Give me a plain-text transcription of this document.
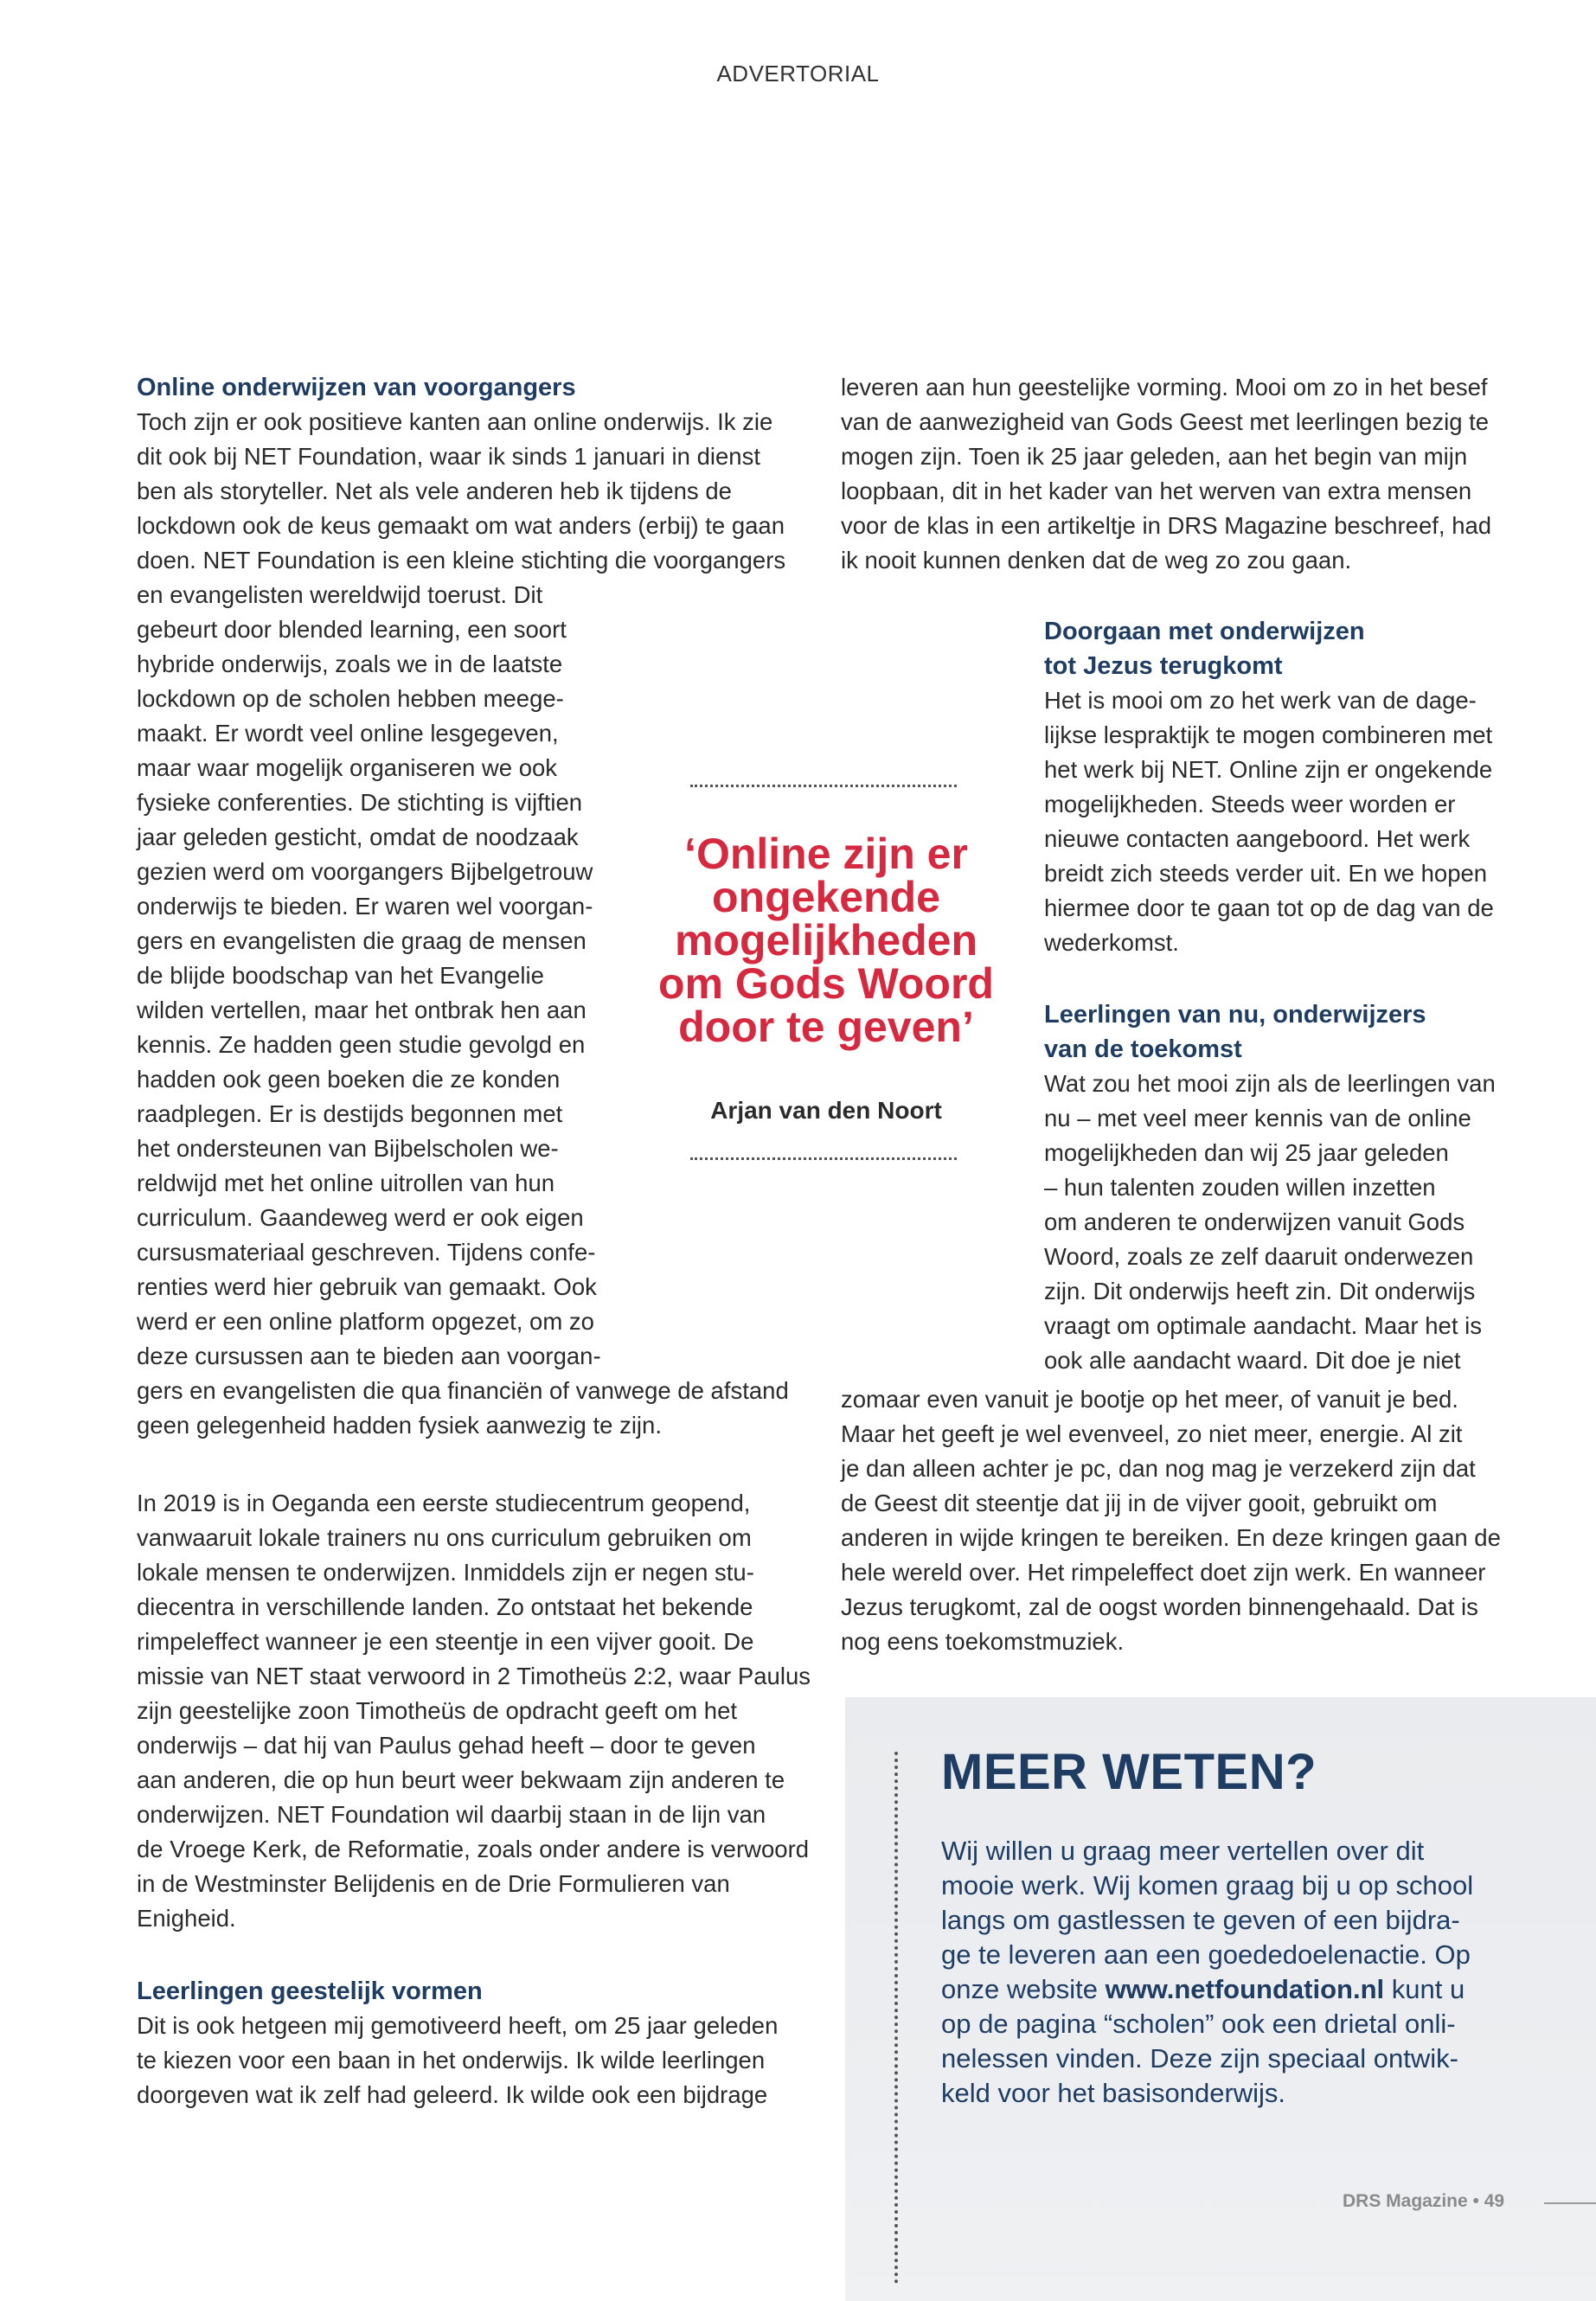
ADVERTORIAL
Online onderwijzen van voorgangers
Toch zijn er ook positieve kanten aan online onderwijs. Ik zie
dit ook bij NET Foundation, waar ik sinds 1 januari in dienst
ben als storyteller. Net als vele anderen heb ik tijdens de
lockdown ook de keus gemaakt om wat anders (erbij) te gaan
doen. NET Foundation is een kleine stichting die voorgangers
en evangelisten wereldwijd toerust. Dit
gebeurt door blended learning, een soort
hybride onderwijs, zoals we in de laatste
lockdown op de scholen hebben meege-
maakt. Er wordt veel online lesgegeven,
maar waar mogelijk organiseren we ook
fysieke conferenties. De stichting is vijftien
jaar geleden gesticht, omdat de noodzaak
gezien werd om voorgangers Bijbelgetrouw
onderwijs te bieden. Er waren wel voorgan-
gers en evangelisten die graag de mensen
de blijde boodschap van het Evangelie
wilden vertellen, maar het ontbrak hen aan
kennis. Ze hadden geen studie gevolgd en
hadden ook geen boeken die ze konden
raadplegen. Er is destijds begonnen met
het ondersteunen van Bijbelscholen we-
reldwijd met het online uitrollen van hun
curriculum. Gaandeweg werd er ook eigen
cursusmateriaal geschreven. Tijdens confe-
renties werd hier gebruik van gemaakt. Ook
werd er een online platform opgezet, om zo
deze cursussen aan te bieden aan voorgan-
gers en evangelisten die qua financiën of vanwege de afstand
geen gelegenheid hadden fysiek aanwezig te zijn.
In 2019 is in Oeganda een eerste studiecentrum geopend,
vanwaaruit lokale trainers nu ons curriculum gebruiken om
lokale mensen te onderwijzen. Inmiddels zijn er negen stu-
diecentra in verschillende landen. Zo ontstaat het bekende
rimpeleffect wanneer je een steentje in een vijver gooit. De
missie van NET staat verwoord in 2 Timotheüs 2:2, waar Paulus
zijn geestelijke zoon Timotheüs de opdracht geeft om het
onderwijs – dat hij van Paulus gehad heeft – door te geven
aan anderen, die op hun beurt weer bekwaam zijn anderen te
onderwijzen. NET Foundation wil daarbij staan in de lijn van
de Vroege Kerk, de Reformatie, zoals onder andere is verwoord
in de Westminster Belijdenis en de Drie Formulieren van
Enigheid.
Leerlingen geestelijk vormen
Dit is ook hetgeen mij gemotiveerd heeft, om 25 jaar geleden
te kiezen voor een baan in het onderwijs. Ik wilde leerlingen
doorgeven wat ik zelf had geleerd. Ik wilde ook een bijdrage
‘Online zijn er
ongekende
mogelijkheden
om Gods Woord
door te geven’
Arjan van den Noort
leveren aan hun geestelijke vorming. Mooi om zo in het besef
van de aanwezigheid van Gods Geest met leerlingen bezig te
mogen zijn. Toen ik 25 jaar geleden, aan het begin van mijn
loopbaan, dit in het kader van het werven van extra mensen
voor de klas in een artikeltje in DRS Magazine beschreef, had
ik nooit kunnen denken dat de weg zo zou gaan.
Doorgaan met onderwijzen
tot Jezus terugkomt
Het is mooi om zo het werk van de dage-
lijkse lespraktijk te mogen combineren met
het werk bij NET. Online zijn er ongekende
mogelijkheden. Steeds weer worden er
nieuwe contacten aangeboord. Het werk
breidt zich steeds verder uit. En we hopen
hiermee door te gaan tot op de dag van de
wederkomst.
Leerlingen van nu, onderwijzers
van de toekomst
Wat zou het mooi zijn als de leerlingen van
nu – met veel meer kennis van de online
mogelijkheden dan wij 25 jaar geleden
– hun talenten zouden willen inzetten
om anderen te onderwijzen vanuit Gods
Woord, zoals ze zelf daaruit onderwezen
zijn. Dit onderwijs heeft zin. Dit onderwijs
vraagt om optimale aandacht. Maar het is
ook alle aandacht waard. Dit doe je niet
zomaar even vanuit je bootje op het meer, of vanuit je bed.
Maar het geeft je wel evenveel, zo niet meer, energie. Al zit
je dan alleen achter je pc, dan nog mag je verzekerd zijn dat
de Geest dit steentje dat jij in de vijver gooit, gebruikt om
anderen in wijde kringen te bereiken. En deze kringen gaan de
hele wereld over. Het rimpeleffect doet zijn werk. En wanneer
Jezus terugkomt, zal de oogst worden binnengehaald. Dat is
nog eens toekomstmuziek.
MEER WETEN?
Wij willen u graag meer vertellen over dit
mooie werk. Wij komen graag bij u op school
langs om gastlessen te geven of een bijdra-
ge te leveren aan een goededoelenactie. Op
onze website www.netfoundation.nl kunt u
op de pagina “scholen” ook een drietal onli-
nelessen vinden. Deze zijn speciaal ontwik-
keld voor het basisonderwijs.
DRS Magazine • 49
